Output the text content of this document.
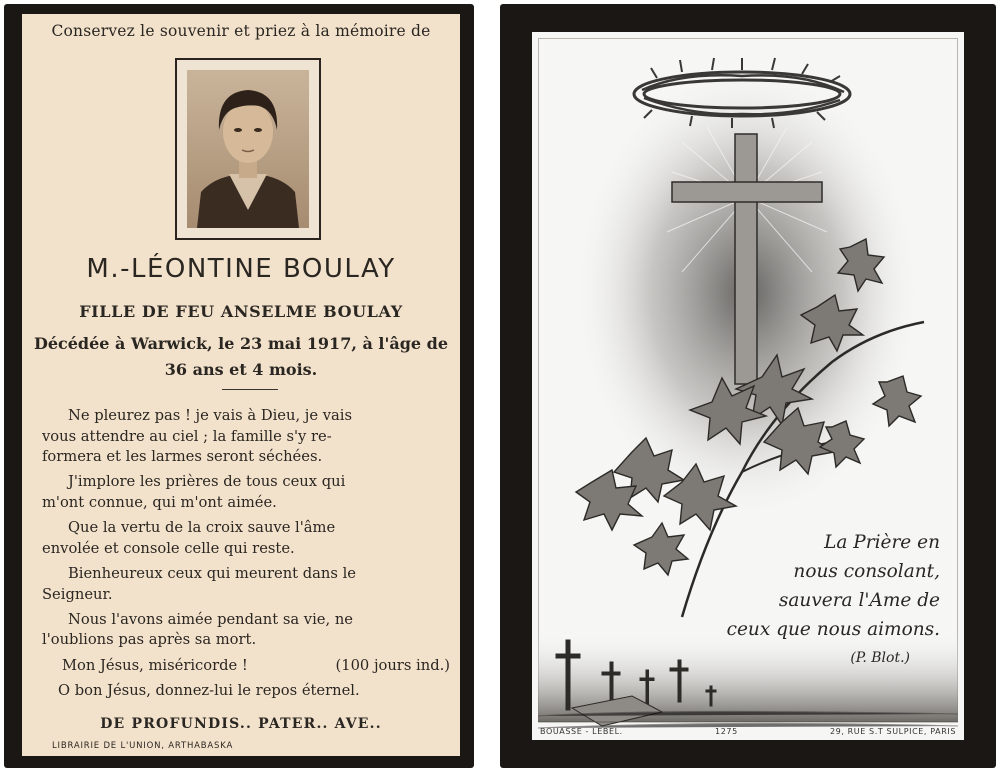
Conservez le souvenir et priez à la mémoire de
M.-LÉONTINE BOULAY
FILLE DE FEU ANSELME BOULAY
Décédée à Warwick, le 23 mai 1917, à l'âge de
36 ans et 4 mois.

Ne pleurez pas ! je vais à Dieu, je vais
vous attendre au ciel ; la famille s'y re-
formera et les larmes seront séchées.

J'implore les prières de tous ceux qui
m'ont connue, qui m'ont aimée.

Que la vertu de la croix sauve l'âme
envolée et console celle qui reste.

Bienheureux ceux qui meurent dans le
Seigneur.

Nous l'avons aimée pendant sa vie, ne
l'oublions pas après sa mort.

Mon Jésus, miséricorde !	(100 jours ind.)

O bon Jésus, donnez-lui le repos éternel.

DE PROFUNDIS.. PATER.. AVE..
LIBRAIRIE DE L'UNION, ARTHABASKA
La Prière en
nous consolant,
sauvera l'Ame de
ceux que nous aimons.
(P. Blot.)
BOUASSE - LEBEL.	1275	29, RUE S.T SULPICE, PARIS
